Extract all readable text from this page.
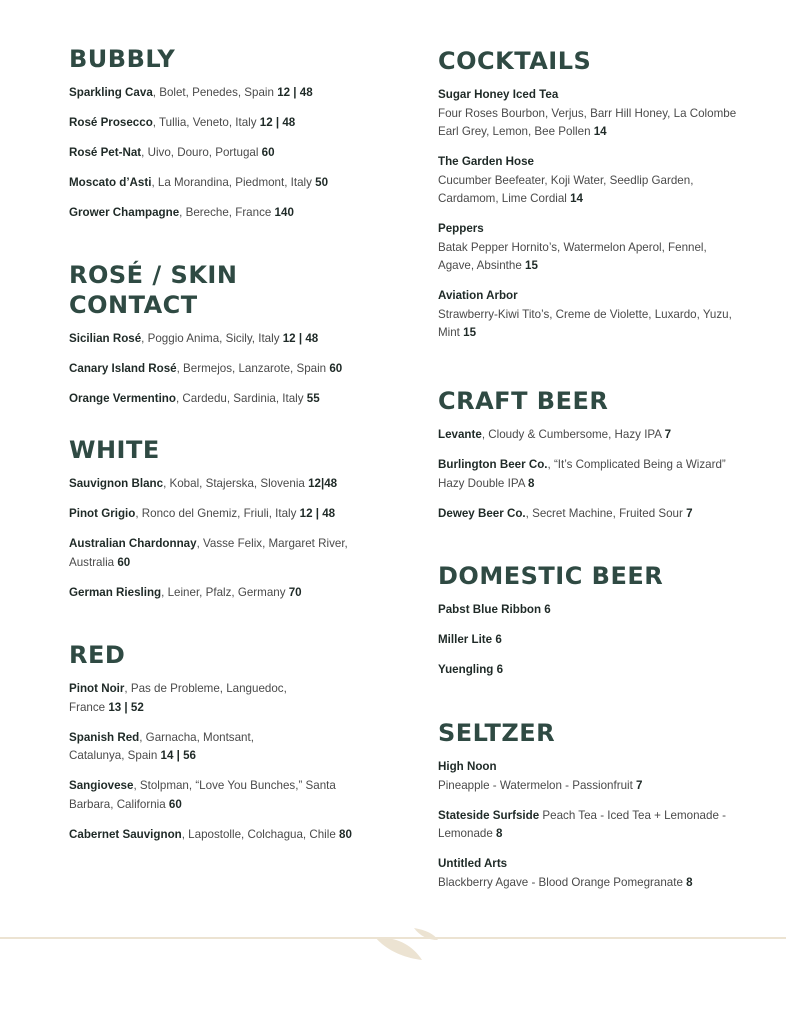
BUBBLY
Sparkling Cava, Bolet, Penedes, Spain 12 | 48
Rosé Prosecco, Tullia, Veneto, Italy 12 | 48
Rosé Pet-Nat, Uivo, Douro, Portugal 60
Moscato d’Asti, La Morandina, Piedmont, Italy 50
Grower Champagne, Bereche, France 140
ROSÉ / SKIN CONTACT
Sicilian Rosé, Poggio Anima, Sicily, Italy 12 | 48
Canary Island Rosé, Bermejos, Lanzarote, Spain 60
Orange Vermentino, Cardedu, Sardinia, Italy 55
WHITE
Sauvignon Blanc, Kobal, Stajerska, Slovenia 12|48
Pinot Grigio, Ronco del Gnemiz, Friuli, Italy 12 | 48
Australian Chardonnay, Vasse Felix, Margaret River, Australia 60
German Riesling, Leiner, Pfalz, Germany 70
RED
Pinot Noir, Pas de Probleme, Languedoc, France 13 | 52
Spanish Red, Garnacha, Montsant, Catalunya, Spain 14 | 56
Sangiovese, Stolpman, “Love You Bunches,” Santa Barbara, California 60
Cabernet Sauvignon, Lapostolle, Colchagua, Chile 80
COCKTAILS
Sugar Honey Iced Tea
Four Roses Bourbon, Verjus, Barr Hill Honey, La Colombe Earl Grey, Lemon, Bee Pollen 14
The Garden Hose
Cucumber Beefeater, Koji Water, Seedlip Garden, Cardamom, Lime Cordial 14
Peppers
Batak Pepper Hornito’s, Watermelon Aperol, Fennel, Agave, Absinthe 15
Aviation Arbor
Strawberry-Kiwi Tito’s, Creme de Violette, Luxardo, Yuzu, Mint 15
CRAFT BEER
Levante, Cloudy & Cumbersome, Hazy IPA 7
Burlington Beer Co., “It’s Complicated Being a Wizard” Hazy Double IPA 8
Dewey Beer Co., Secret Machine, Fruited Sour 7
DOMESTIC BEER
Pabst Blue Ribbon 6
Miller Lite 6
Yuengling 6
SELTZER
High Noon
Pineapple - Watermelon - Passionfruit 7
Stateside Surfside Peach Tea - Iced Tea + Lemonade - Lemonade 8
Untitled Arts
Blackberry Agave - Blood Orange Pomegranate 8
